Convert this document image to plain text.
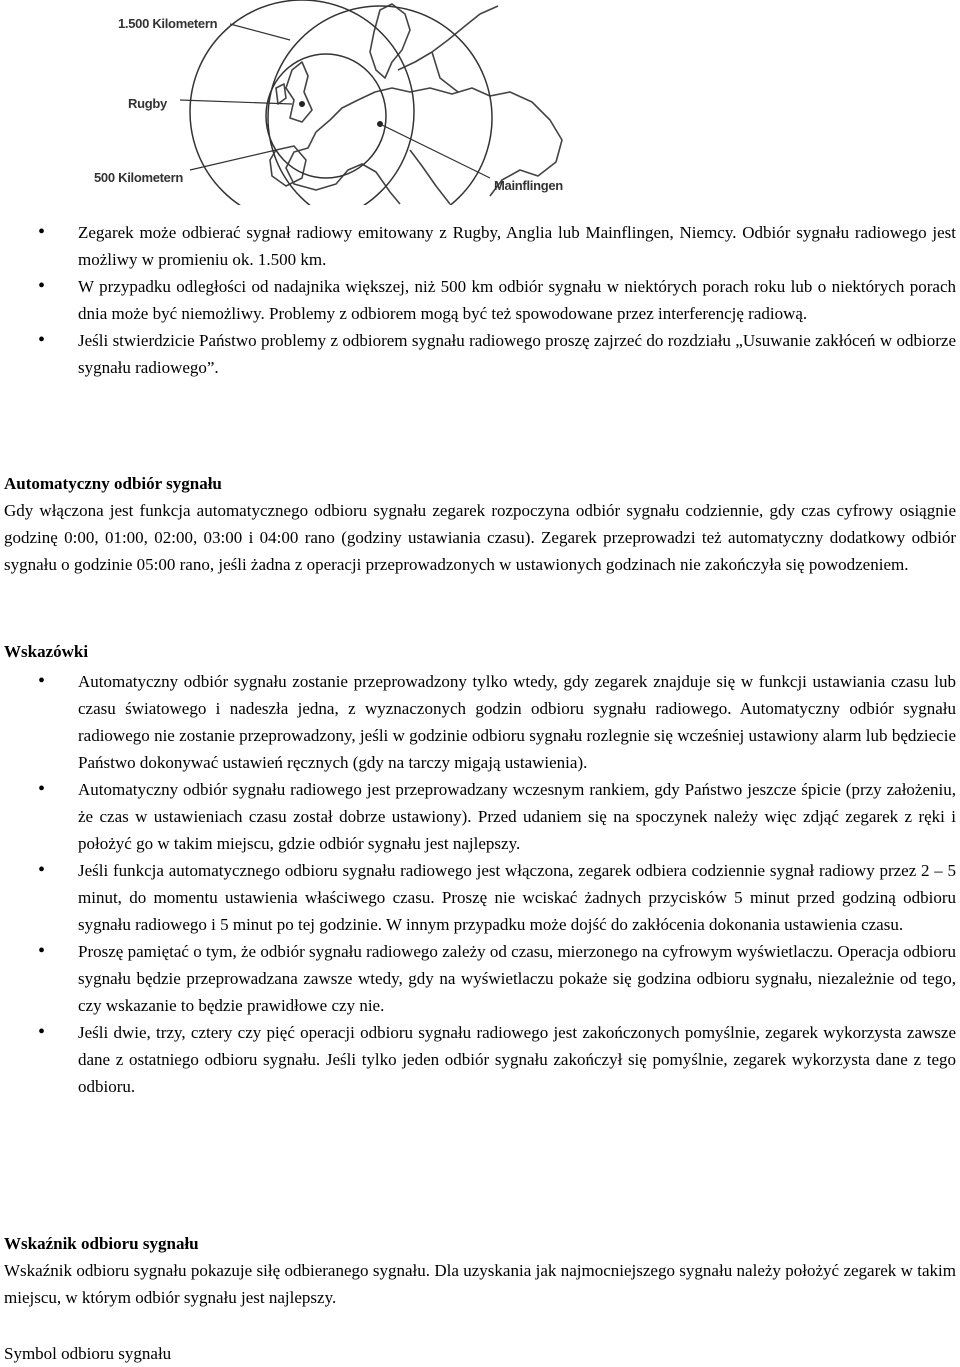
1.500 Kilometern
Rugby
500 Kilometern
Mainflingen
• Zegarek może odbierać sygnał radiowy emitowany z Rugby, Anglia lub Mainflingen, Niemcy. Odbiór sygnału radiowego jest możliwy w promieniu ok. 1.500 km.
• W przypadku odległości od nadajnika większej, niż 500 km odbiór sygnału w niektórych porach roku lub o niektórych porach dnia może być niemożliwy. Problemy z odbiorem mogą być też spowodowane przez interferencję radiową.
• Jeśli stwierdzicie Państwo problemy z odbiorem sygnału radiowego proszę zajrzeć do rozdziału „Usuwanie zakłóceń w odbiorze sygnału radiowego”.
Automatyczny odbiór sygnału
Gdy włączona jest funkcja automatycznego odbioru sygnału zegarek rozpoczyna odbiór sygnału codziennie, gdy czas cyfrowy osiągnie godzinę 0:00, 01:00, 02:00, 03:00 i 04:00 rano (godziny ustawiania czasu). Zegarek przeprowadzi też automatyczny dodatkowy odbiór sygnału o godzinie 05:00 rano, jeśli żadna z operacji przeprowadzonych w ustawionych godzinach nie zakończyła się powodzeniem.
Wskazówki
• Automatyczny odbiór sygnału zostanie przeprowadzony tylko wtedy, gdy zegarek znajduje się w funkcji ustawiania czasu lub czasu światowego i nadeszła jedna, z wyznaczonych godzin odbioru sygnału radiowego. Automatyczny odbiór sygnału radiowego nie zostanie przeprowadzony, jeśli w godzinie odbioru sygnału rozlegnie się wcześniej ustawiony alarm lub będziecie Państwo dokonywać ustawień ręcznych (gdy na tarczy migają ustawienia).
• Automatyczny odbiór sygnału radiowego jest przeprowadzany wczesnym rankiem, gdy Państwo jeszcze śpicie (przy założeniu, że czas w ustawieniach czasu został dobrze ustawiony). Przed udaniem się na spoczynek należy więc zdjąć zegarek z ręki i położyć go w takim miejscu, gdzie odbiór sygnału jest najlepszy.
• Jeśli funkcja automatycznego odbioru sygnału radiowego jest włączona, zegarek odbiera codziennie sygnał radiowy przez 2 – 5 minut, do momentu ustawienia właściwego czasu. Proszę nie wciskać żadnych przycisków 5 minut przed godziną odbioru sygnału radiowego i 5 minut po tej godzinie. W innym przypadku może dojść do zakłócenia dokonania ustawienia czasu.
• Proszę pamiętać o tym, że odbiór sygnału radiowego zależy od czasu, mierzonego na cyfrowym wyświetlaczu. Operacja odbioru sygnału będzie przeprowadzana zawsze wtedy, gdy na wyświetlaczu pokaże się godzina odbioru sygnału, niezależnie od tego, czy wskazanie to będzie prawidłowe czy nie.
• Jeśli dwie, trzy, cztery czy pięć operacji odbioru sygnału radiowego jest zakończonych pomyślnie, zegarek wykorzysta zawsze dane z ostatniego odbioru sygnału. Jeśli tylko jeden odbiór sygnału zakończył się pomyślnie, zegarek wykorzysta dane z tego odbioru.
Wskaźnik odbioru sygnału
Wskaźnik odbioru sygnału pokazuje siłę odbieranego sygnału. Dla uzyskania jak najmocniejszego sygnału należy położyć zegarek w takim miejscu, w którym odbiór sygnału jest najlepszy.
Symbol odbioru sygnału
